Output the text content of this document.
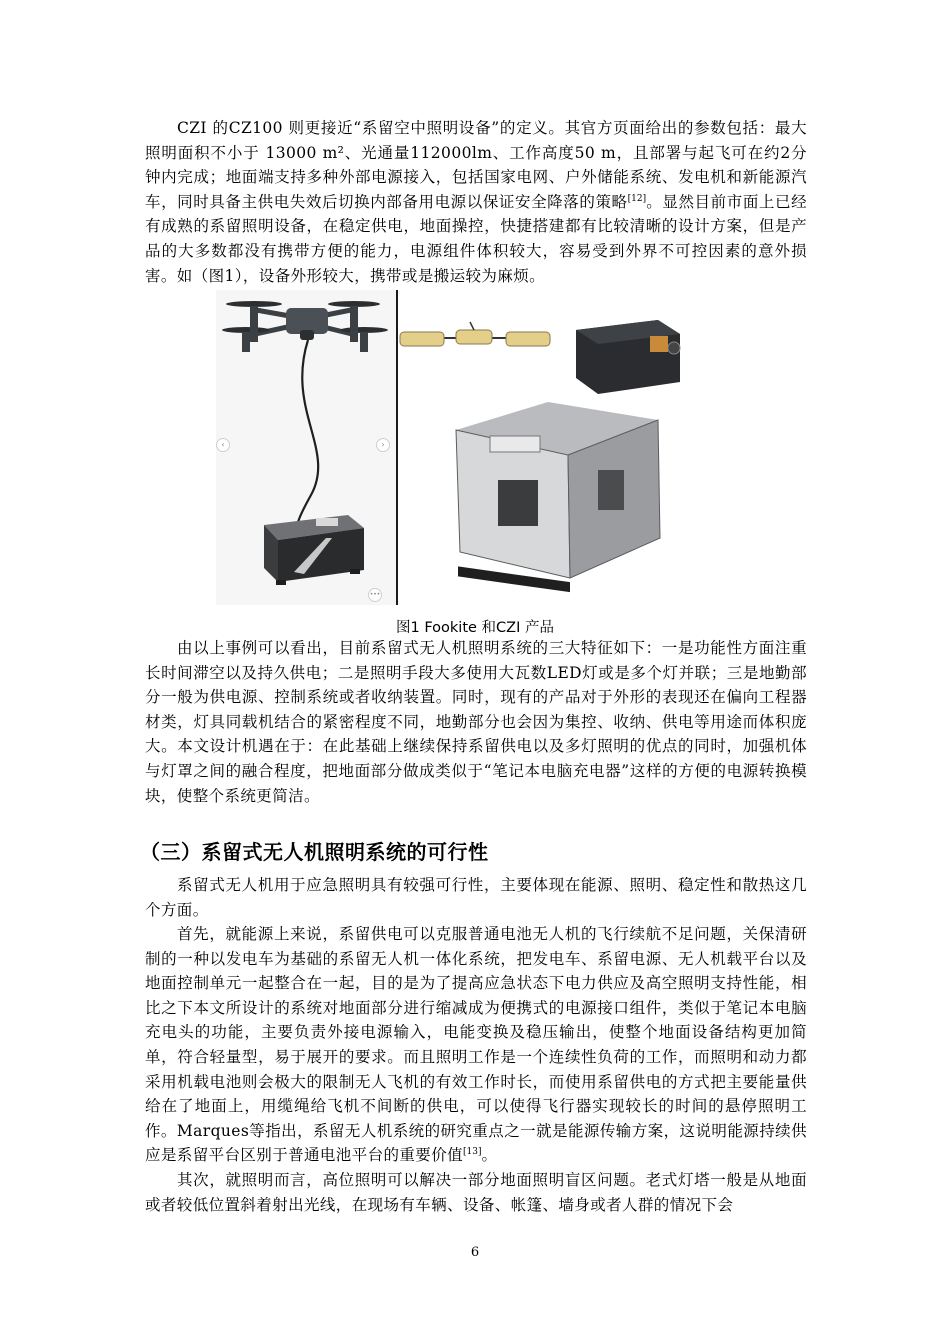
CZI 的CZ100 则更接近“系留空中照明设备”的定义。其官方页面给出的参数包括：最大照明面积不小于 13000 m²、光通量112000lm、工作高度50 m，且部署与起飞可在约2分钟内完成；地面端支持多种外部电源接入，包括国家电网、户外储能系统、发电机和新能源汽车，同时具备主供电失效后切换内部备用电源以保证安全降落的策略[12]。显然目前市面上已经有成熟的系留照明设备，在稳定供电，地面操控，快捷搭建都有比较清晰的设计方案，但是产品的大多数都没有携带方便的能力，电源组件体积较大，容易受到外界不可控因素的意外损害。如（图1），设备外形较大，携带或是搬运较为麻烦。

‹	›
•••

图1 Fookite 和CZI 产品

由以上事例可以看出，目前系留式无人机照明系统的三大特征如下：一是功能性方面注重长时间滞空以及持久供电；二是照明手段大多使用大瓦数LED灯或是多个灯并联；三是地勤部分一般为供电源、控制系统或者收纳装置。同时，现有的产品对于外形的表现还在偏向工程器材类，灯具同载机结合的紧密程度不同，地勤部分也会因为集控、收纳、供电等用途而体积庞大。本文设计机遇在于：在此基础上继续保持系留供电以及多灯照明的优点的同时，加强机体与灯罩之间的融合程度，把地面部分做成类似于“笔记本电脑充电器”这样的方便的电源转换模块，使整个系统更简洁。

（三）系留式无人机照明系统的可行性

系留式无人机用于应急照明具有较强可行性，主要体现在能源、照明、稳定性和散热这几个方面。

首先，就能源上来说，系留供电可以克服普通电池无人机的飞行续航不足问题，关保清研制的一种以发电车为基础的系留无人机一体化系统，把发电车、系留电源、无人机载平台以及地面控制单元一起整合在一起，目的是为了提高应急状态下电力供应及高空照明支持性能，相比之下本文所设计的系统对地面部分进行缩减成为便携式的电源接口组件，类似于笔记本电脑充电头的功能，主要负责外接电源输入，电能变换及稳压输出，使整个地面设备结构更加简单，符合轻量型，易于展开的要求。而且照明工作是一个连续性负荷的工作，而照明和动力都采用机载电池则会极大的限制无人飞机的有效工作时长，而使用系留供电的方式把主要能量供给在了地面上，用缆绳给飞机不间断的供电，可以使得飞行器实现较长的时间的悬停照明工作。Marques等指出，系留无人机系统的研究重点之一就是能源传输方案，这说明能源持续供应是系留平台区别于普通电池平台的重要价值[13]。

其次，就照明而言，高位照明可以解决一部分地面照明盲区问题。老式灯塔一般是从地面或者较低位置斜着射出光线，在现场有车辆、设备、帐篷、墙身或者人群的情况下会

6
